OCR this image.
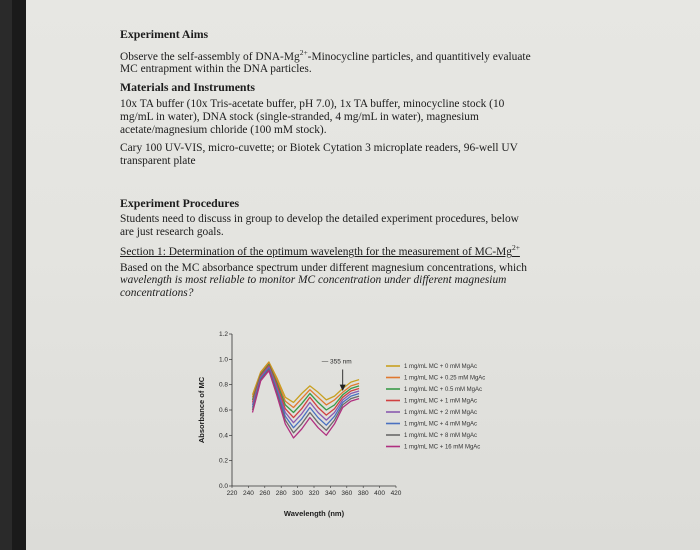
Experiment Aims

Observe the self-assembly of DNA-$Mg^{2+}$-Minocycline particles, and quantitively evaluate

MC entrapment within the DNA particles.

Materials and Instruments

10x TA buffer (10x Tris-acetate buffer, pH 7.0), 1x TA buffer, minocycline stock (10

mg/mL in water), DNA stock (single-stranded, 4 mg/mL in water), magnesium

acetate/magnesium chloride (100 mM stock).

Cary 100 UV-VIS, micro-cuvette; or Biotek Cytation 3 microplate readers, 96-well UV

transparent plate

Experiment Procedures

Students need to discuss in group to develop the detailed experiment procedures, below

are just research goals.

Section 1: Determination of the optimum wavelength for the measurement of $MC-Mg^{2+}$

Based on the MC absorbance spectrum under different magnesium concentrations, which

wavelength is most reliable to monitor MC concentration under different magnesium

concentrations?

0.0
0.2
0.4
0.6
0.8
1.0
1.2
220 240 260 280 300 320 340 360 380 400 420
Wavelength (nm)
Absorbance of MC
— 355 nm
1 mg/mL MC + 0 mM MgAc
1 mg/mL MC + 0.25 mM MgAc
1 mg/mL MC + 0.5 mM MgAc
1 mg/mL MC + 1 mM MgAc
1 mg/mL MC + 2 mM MgAc
1 mg/mL MC + 4 mM MgAc
1 mg/mL MC + 8 mM MgAc
1 mg/mL MC + 16 mM MgAc
